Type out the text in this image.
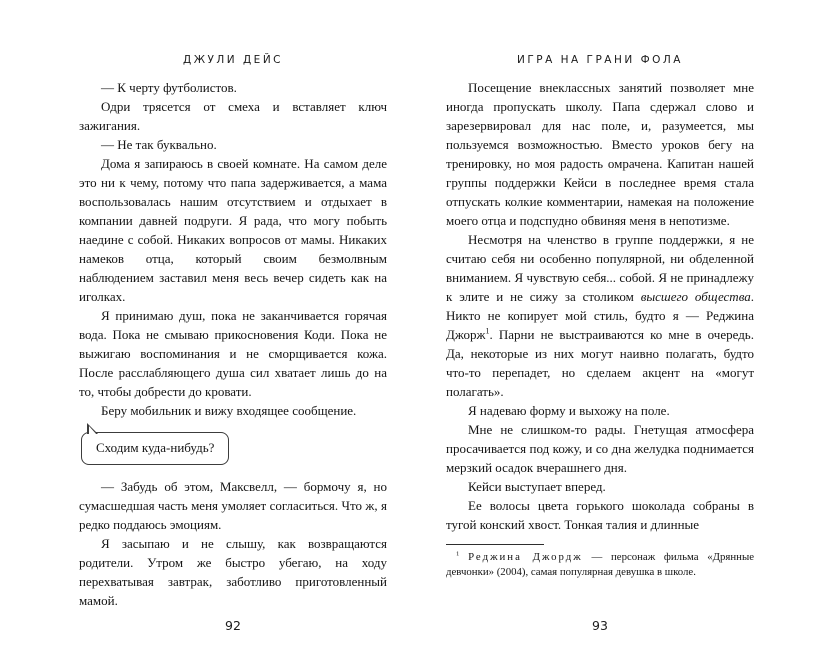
ДЖУЛИ ДЕЙС

— К черту футболистов.

Одри трясется от смеха и вставляет ключ зажигания.

— Не так буквально.

Дома я запираюсь в своей комнате. На самом деле это ни к чему, потому что папа задерживается, а мама воспользовалась нашим отсутствием и отдыхает в компании давней подруги. Я рада, что могу побыть наедине с собой. Никаких вопросов от мамы. Никаких намеков отца, который своим безмолвным наблюдением заставил меня весь вечер сидеть как на иголках.

Я принимаю душ, пока не заканчивается горячая вода. Пока не смываю прикосновения Коди. Пока не выжигаю воспоминания и не сморщивается кожа. После расслабляющего душа сил хватает лишь до на то, чтобы добрести до кровати.

Беру мобильник и вижу входящее сообщение.

Сходим куда-нибудь?

— Забудь об этом, Максвелл, — бормочу я, но сумасшедшая часть меня умоляет согласиться. Что ж, я редко поддаюсь эмоциям.

Я засыпаю и не слышу, как возвращаются родители. Утром же быстро убегаю, на ходу перехватывая завтрак, заботливо приготовленный мамой.

ИГРА НА ГРАНИ ФОЛА

Посещение внеклассных занятий позволяет мне иногда пропускать школу. Папа сдержал слово и зарезервировал для нас поле, и, разумеется, мы пользуемся возможностью. Вместо уроков бегу на тренировку, но моя радость омрачена. Капитан нашей группы поддержки Кейси в последнее время стала отпускать колкие комментарии, намекая на положение моего отца и подспудно обвиняя меня в непотизме.

Несмотря на членство в группе поддержки, я не считаю себя ни особенно популярной, ни обделенной вниманием. Я чувствую себя... собой. Я не принадлежу к элите и не сижу за столиком высшего общества. Никто не копирует мой стиль, будто я — Реджина Джорж$^1$. Парни не выстраиваются ко мне в очередь. Да, некоторые из них могут наивно полагать, будто что-то перепадет, но сделаем акцент на «могут полагать».

Я надеваю форму и выхожу на поле.

Мне не слишком-то рады. Гнетущая атмосфера просачивается под кожу, и со дна желудка поднимается мерзкий осадок вчерашнего дня.

Кейси выступает вперед.

Ее волосы цвета горького шоколада собраны в тугой конский хвост. Тонкая талия и длинные

$^1$ Реджина Джордж — персонаж фильма «Дрянные девчонки» (2004), самая популярная девушка в школе.
92	93
